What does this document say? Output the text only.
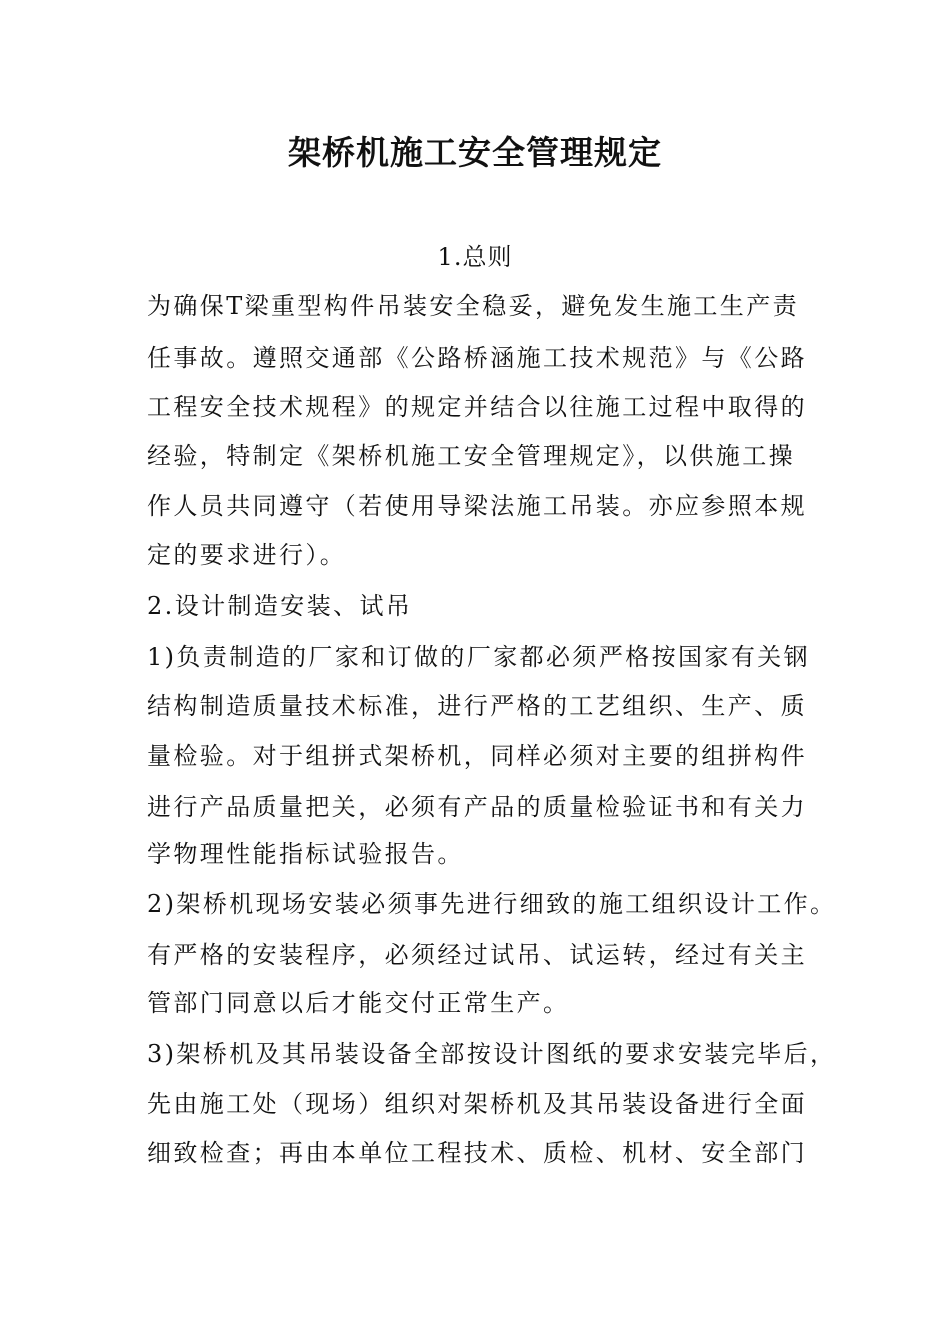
架桥机施工安全管理规定
1.总则
为确保T梁重型构件吊装安全稳妥，避免发生施工生产责
任事故。遵照交通部《公路桥涵施工技术规范》与《公路
工程安全技术规程》的规定并结合以往施工过程中取得的
经验，特制定《架桥机施工安全管理规定》，以供施工操
作人员共同遵守（若使用导梁法施工吊装。亦应参照本规
定的要求进行）。
2.设计制造安装、试吊
1)负责制造的厂家和订做的厂家都必须严格按国家有关钢
结构制造质量技术标准，进行严格的工艺组织、生产、质
量检验。对于组拼式架桥机，同样必须对主要的组拼构件
进行产品质量把关，必须有产品的质量检验证书和有关力
学物理性能指标试验报告。
2)架桥机现场安装必须事先进行细致的施工组织设计工作。
有严格的安装程序，必须经过试吊、试运转，经过有关主
管部门同意以后才能交付正常生产。
3)架桥机及其吊装设备全部按设计图纸的要求安装完毕后，
先由施工处（现场）组织对架桥机及其吊装设备进行全面
细致检查；再由本单位工程技术、质检、机材、安全部门
